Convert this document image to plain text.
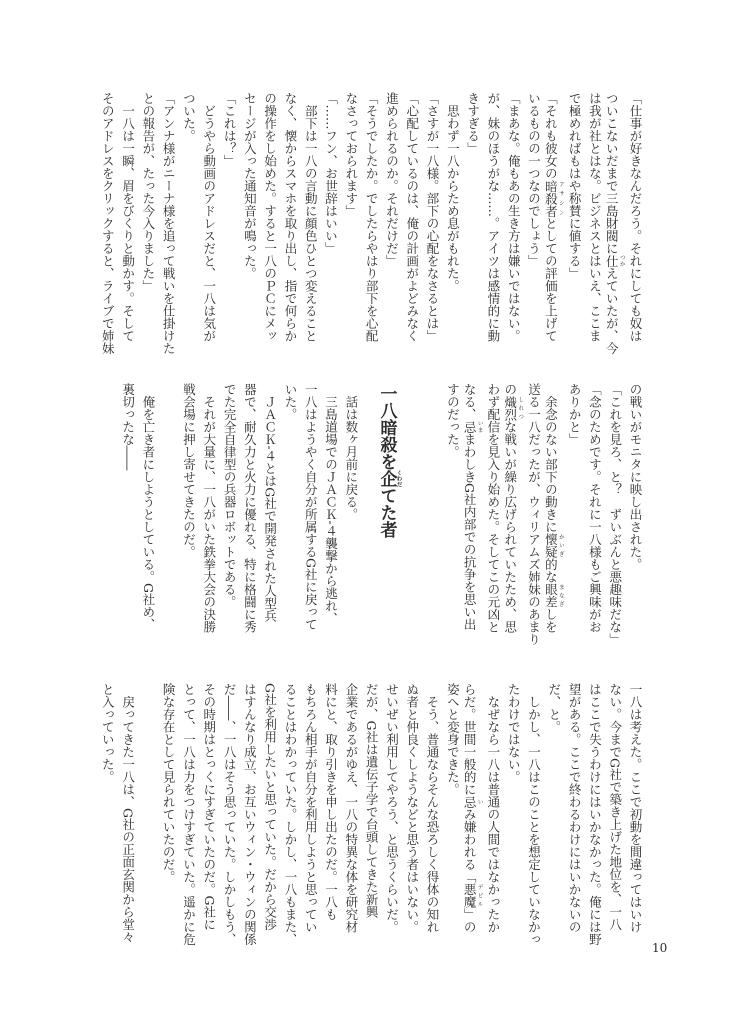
「仕事が好きなんだろう。それにしても奴は
ついこないだまで三島財閥に仕 つかえていたが、今
は我が社とはな。ビジネスとはいえ、ここま
で極めればもはや称賛に値する」
「それも彼女の暗殺者 アサシンとしての評価を上げて
いるものの一つなのでしょう」
「まあな。俺もあの生き方は嫌いではない。
が、妹のほうがな……。アイツは感情的に動
きすぎる」
　思わず一八からため息がもれた。
「さすが一八様。部下の心配をなさるとは」
「心配しているのは、俺の計画がよどみなく
進められるのか。それだけだ」
「そうでしたか。でしたらやはり部下を心配
なさっておられます」
「……フン、お世辞はいい」
　部下は一八の言動に顔色ひとつ変えること
なく、懐からスマホを取り出し、指で何らか
の操作をし始めた。すると一八のＰＣにメッ
セージが入った通知音が鳴った。
「これは？」
　どうやら動画のアドレスだと、一八は気が
ついた。
「アンナ様がニーナ様を追って戦いを仕掛けた
との報告が、たった今入りました」
　一八は一瞬、眉をびくりと動かす。そして
そのアドレスをクリックすると、ライブで姉妹
の戦いがモニタに映し出された。
「これを見ろ、と？　ずいぶんと悪趣味だな」
「念のためです。それに一八様もご興味がお
ありかと」
　余念のない部下の動きに懐疑 かいぎ的な眼差 まなざしを
送る一八だったが、ウィリアムズ姉妹のあまり
の熾烈 しれつな戦いが繰り広げられていたため、思
わず配信を見入り始めた。そしてこの元凶と
なる、忌 いままわしきG社内部での抗争を思い出
すのだった。

一八暗殺を企 くわだてた者

　話は数ヶ月前に戻る。
　三島道場でのＪＡＣＫ-４襲撃から逃れ、
一八はようやく自分が所属するG社に戻って
いた。
　ＪＡＣＫ-４とはG社で開発された人型兵
器で、耐久力と火力に優れる、特に格闘に秀
でた完全自律型の兵器ロボットである。
　それが大量に、一八がいた鉄拳大会の決勝
戦会場に押し寄せてきたのだ。

　俺を亡き者にしようとしている。G社め、
裏切ったな――
一八は考えた。ここで初動を間違ってはいけ
ない。今までG社で築き上げた地位を、一八
はここで失うわけにはいかなかった。俺には野
望がある。ここで終わるわけにはいかないの
だ、と。
　しかし、一八はこのことを想定していなかっ
たわけではない。
　なぜなら一八は普通の人間ではなかったか
らだ。世間一般的に忌 いみ嫌われる「悪魔 デビル」の
姿へと変身できた。
　そう、普通ならそんな恐ろしく得体の知れ
ぬ者と仲良くしようなどと思う者はいない。
せいぜい利用してやろう、と思うくらいだ。
だが、G社は遺伝子学で台頭してきた新興
企業であるがゆえ、一八の特異な体を研究材
料にと、取り引きを申し出たのだ。一八も
もちろん相手が自分を利用しようと思ってい
ることはわかっていた。しかし、一八もまた、
G社を利用したいと思っていた。だから交渉
はすんなり成立、お互いウィン・ウィンの関係
だ――、一八はそう思っていた。しかしもう、
その時期はとっくにすぎていたのだ。G社に
とって、一八は力をつけすぎていた。遥かに危
険な存在として見られていたのだ。

　戻ってきた一八は、G社の正面玄関から堂々
と入っていった。
10
